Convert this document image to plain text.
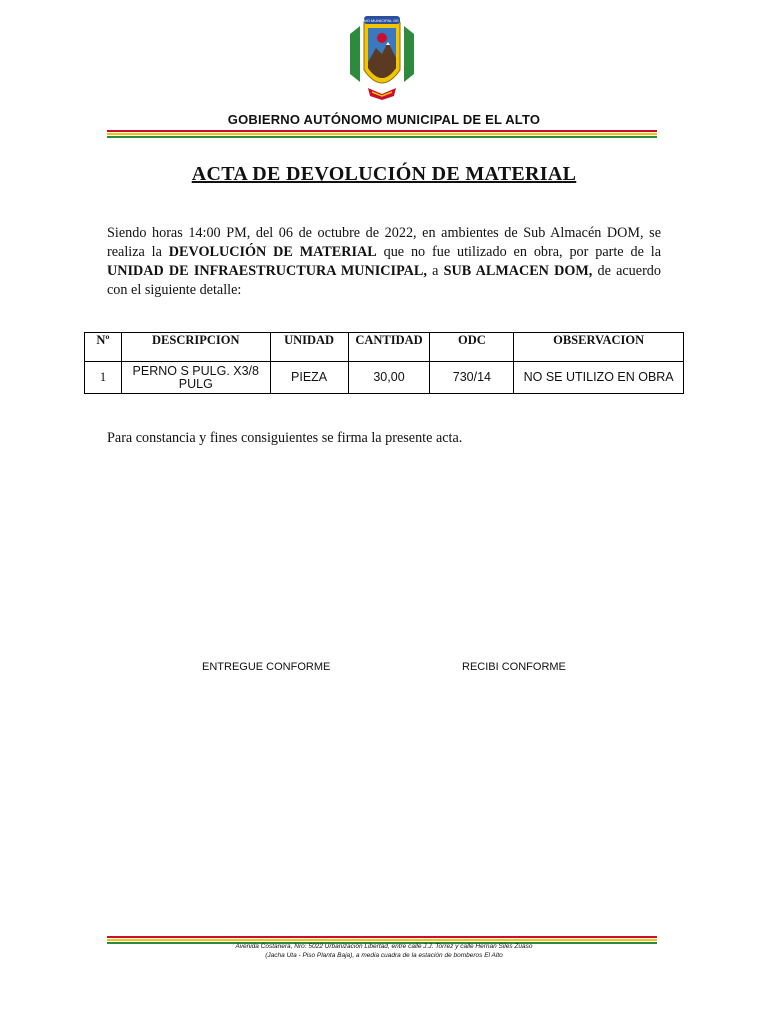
GOBIERNO MUNICIPAL DE EL ALTO
GOBIERNO AUTÓNOMO MUNICIPAL DE EL ALTO
ACTA DE DEVOLUCIÓN DE MATERIAL
Siendo horas 14:00 PM, del 06 de octubre de 2022, en ambientes de Sub Almacén DOM, se realiza la DEVOLUCIÓN DE MATERIAL que no fue utilizado en obra, por parte de la UNIDAD DE INFRAESTRUCTURA MUNICIPAL, a SUB ALMACEN DOM, de acuerdo con el siguiente detalle:
Nº	DESCRIPCION	UNIDAD	CANTIDAD	ODC	OBSERVACION
1	PERNO S PULG. X3/8 PULG	PIEZA	30,00	730/14	NO SE UTILIZO EN OBRA
Para constancia y fines consiguientes se firma la presente acta.
ENTREGUE CONFORME	RECIBI CONFORME
Avenida Costanera, Nro: 5022 Urbanización Libertad, entre calle J.J. Torrez y calle Hernan Siles Zuaso
(Jacha Uta - Piso Planta Baja), a media cuadra de la estación de bomberos El Alto
